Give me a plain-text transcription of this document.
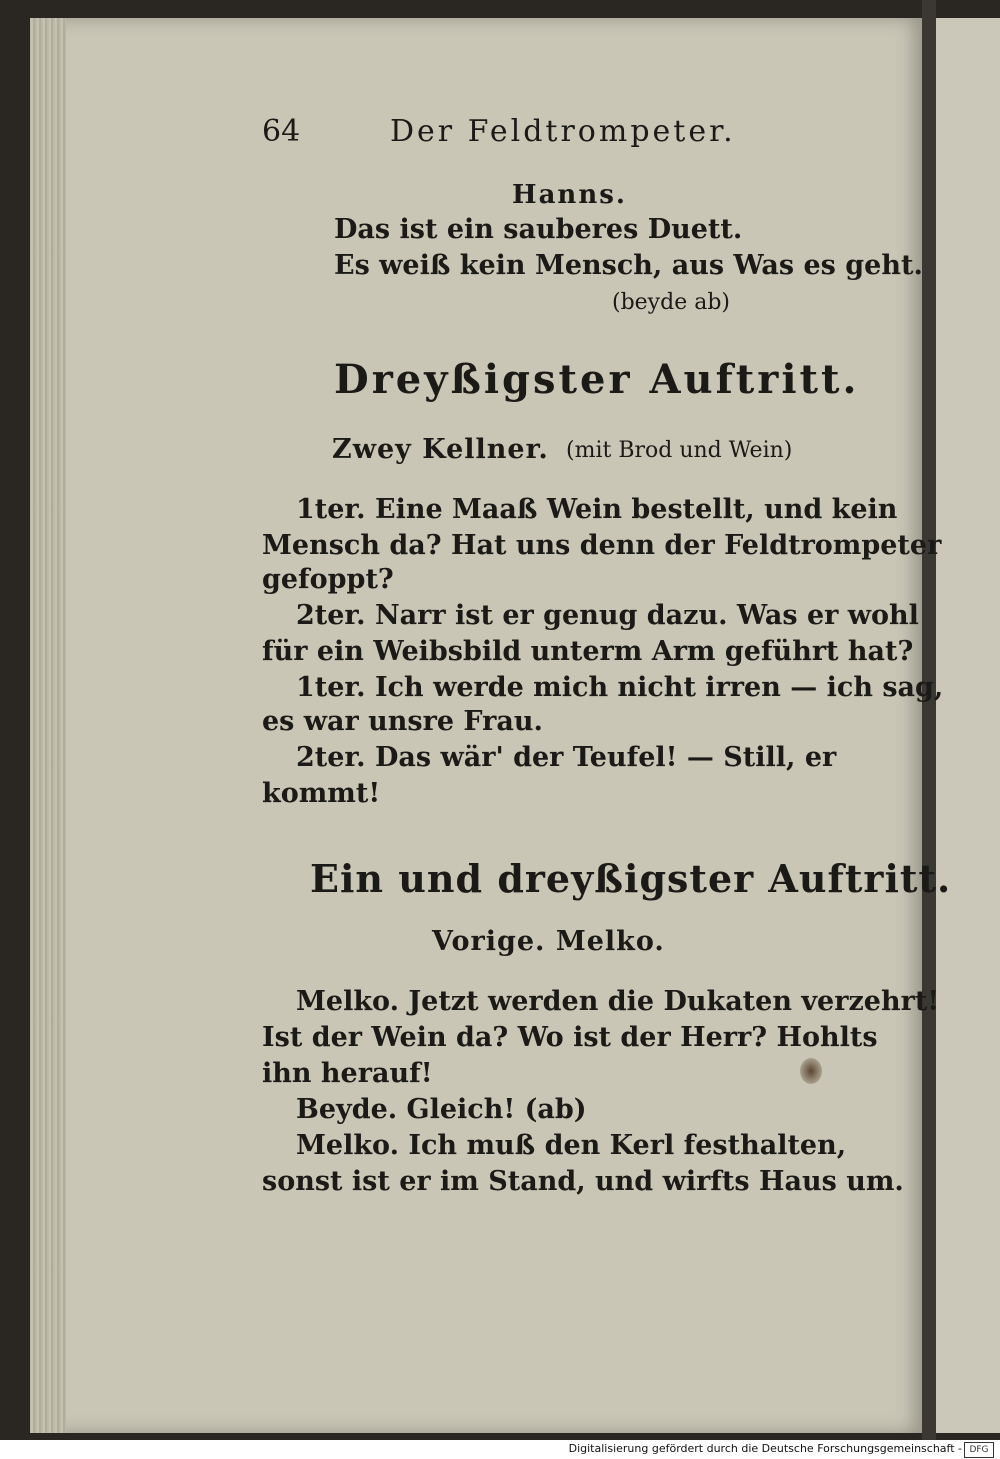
64	Der Feldtrompeter.
Hanns.
Das ist ein sauberes Duett.
Es weiß kein Mensch, aus Was es geht.
(beyde ab)
Dreyßigster Auftritt.
Zwey Kellner. (mit Brod und Wein)
1ter. Eine Maaß Wein bestellt, und kein
Mensch da? Hat uns denn der Feldtrompeter
gefoppt?
2ter. Narr ist er genug dazu. Was er wohl
für ein Weibsbild unterm Arm geführt hat?
1ter. Ich werde mich nicht irren — ich sag,
es war unsre Frau.
2ter. Das wär' der Teufel! — Still, er
kommt!
Ein und dreyßigster Auftritt.
Vorige. Melko.
Melko. Jetzt werden die Dukaten verzehrt!
Ist der Wein da? Wo ist der Herr? Hohlts
ihn herauf!
Beyde. Gleich! (ab)
Melko. Ich muß den Kerl festhalten,
sonst ist er im Stand, und wirfts Haus um.
Digitalisierung gefördert durch die Deutsche Forschungsgemeinschaft - DFG
